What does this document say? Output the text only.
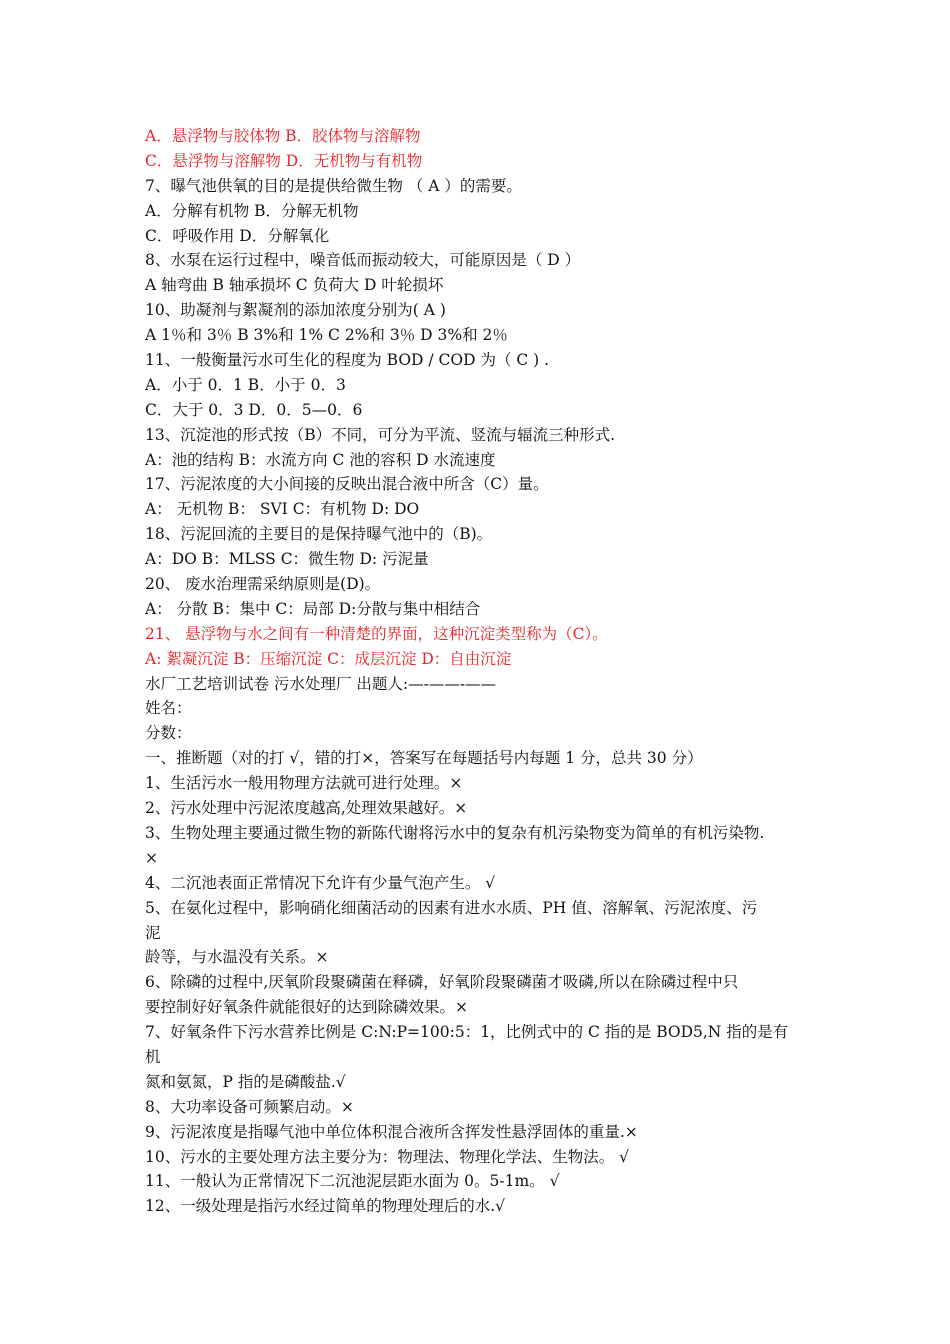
A．悬浮物与胶体物 B．胶体物与溶解物
C．悬浮物与溶解物 D．无机物与有机物
7、曝气池供氧的目的是提供给微生物 （ A ）的需要。
A．分解有机物 B．分解无机物
C．呼吸作用 D．分解氧化
8、水泵在运行过程中，噪音低而振动较大，可能原因是（ D ）
A 轴弯曲 B 轴承损坏 C 负荷大 D 叶轮损坏
10、助凝剂与絮凝剂的添加浓度分别为( A )
A 1％和 3％ B 3%和 1% C 2%和 3％ D 3%和 2％
11、一般衡量污水可生化的程度为 BOD / COD 为（ C ) .
A．小于 0．1 B．小于 0．3
C．大于 0．3 D．0．5—0．6
13、沉淀池的形式按（B）不同，可分为平流、竖流与辐流三种形式.
A：池的结构 B：水流方向 C 池的容积 D 水流速度
17、污泥浓度的大小间接的反映出混合液中所含（C）量。
A： 无机物 B： SVI C：有机物 D: DO
18、污泥回流的主要目的是保持曝气池中的（B)。
A：DO B：MLSS C：微生物 D: 污泥量
20、 废水治理需采纳原则是(D)。
A： 分散 B：集中 C：局部 D:分散与集中相结合
21、 悬浮物与水之间有一种清楚的界面，这种沉淀类型称为（C）。
A: 絮凝沉淀 B：压缩沉淀 C：成层沉淀 D：自由沉淀
水厂工艺培训试卷 污水处理厂 出题人:—-——-——
姓名：
分数：
一、推断题（对的打 √，错的打×，答案写在每题括号内每题 1 分，总共 30 分）
1、生活污水一般用物理方法就可进行处理。×
2、污水处理中污泥浓度越高,处理效果越好。×
3、生物处理主要通过微生物的新陈代谢将污水中的复杂有机污染物变为简单的有机污染物.
×
4、二沉池表面正常情况下允许有少量气泡产生。 √
5、在氨化过程中，影响硝化细菌活动的因素有进水水质、PH 值、溶解氧、污泥浓度、污
泥
龄等，与水温没有关系。×
6、除磷的过程中,厌氧阶段聚磷菌在释磷，好氧阶段聚磷菌才吸磷,所以在除磷过程中只
要控制好好氧条件就能很好的达到除磷效果。×
7、好氧条件下污水营养比例是 C:N:P=100:5：1，比例式中的 C 指的是 BOD5,N 指的是有
机
氮和氨氮，P 指的是磷酸盐.√
8、大功率设备可频繁启动。×
9、污泥浓度是指曝气池中单位体积混合液所含挥发性悬浮固体的重量.×
10、污水的主要处理方法主要分为：物理法、物理化学法、生物法。 √
11、一般认为正常情况下二沉池泥层距水面为 0。5-1m。 √
12、一级处理是指污水经过简单的物理处理后的水.√
